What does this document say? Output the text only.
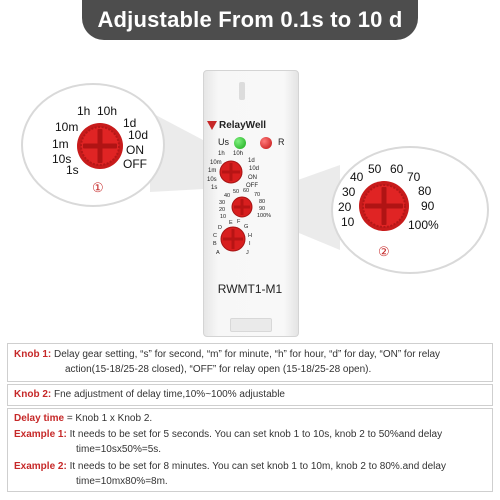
Adjustable From 0.1s to 10 d
RelayWell
Us	R
1h 10h
10m	1d
1m	10d
10s	ON
1s	OFF
50 60
40	70
30	80
20	90
10	100%
D
E F
G
C	H
B	I
A	J
RWMT1-M1
1h 10h
10m	1d
1m
10d
10s
ON
1s	OFF
①
50 60
40	70
30	80
20	90
10	100%
②
Knob 1: Delay gear setting, “s” for second, “m” for minute, “h” for hour, “d” for day, “ON” for relay
action(15-18/25-28 closed), “OFF” for relay open (15-18/25-28 open).
Knob 2: Fne adjustment of delay time,10%~100% adjustable
Delay time = Knob 1 x Knob 2.
Example 1: It needs to be set for 5 seconds. You can set knob 1 to 10s, knob 2 to 50%and delay
time=10sx50%=5s.
Example 2: It needs to be set for 8 minutes. You can set knob 1 to 10m, knob 2 to 80%.and delay
time=10mx80%=8m.
